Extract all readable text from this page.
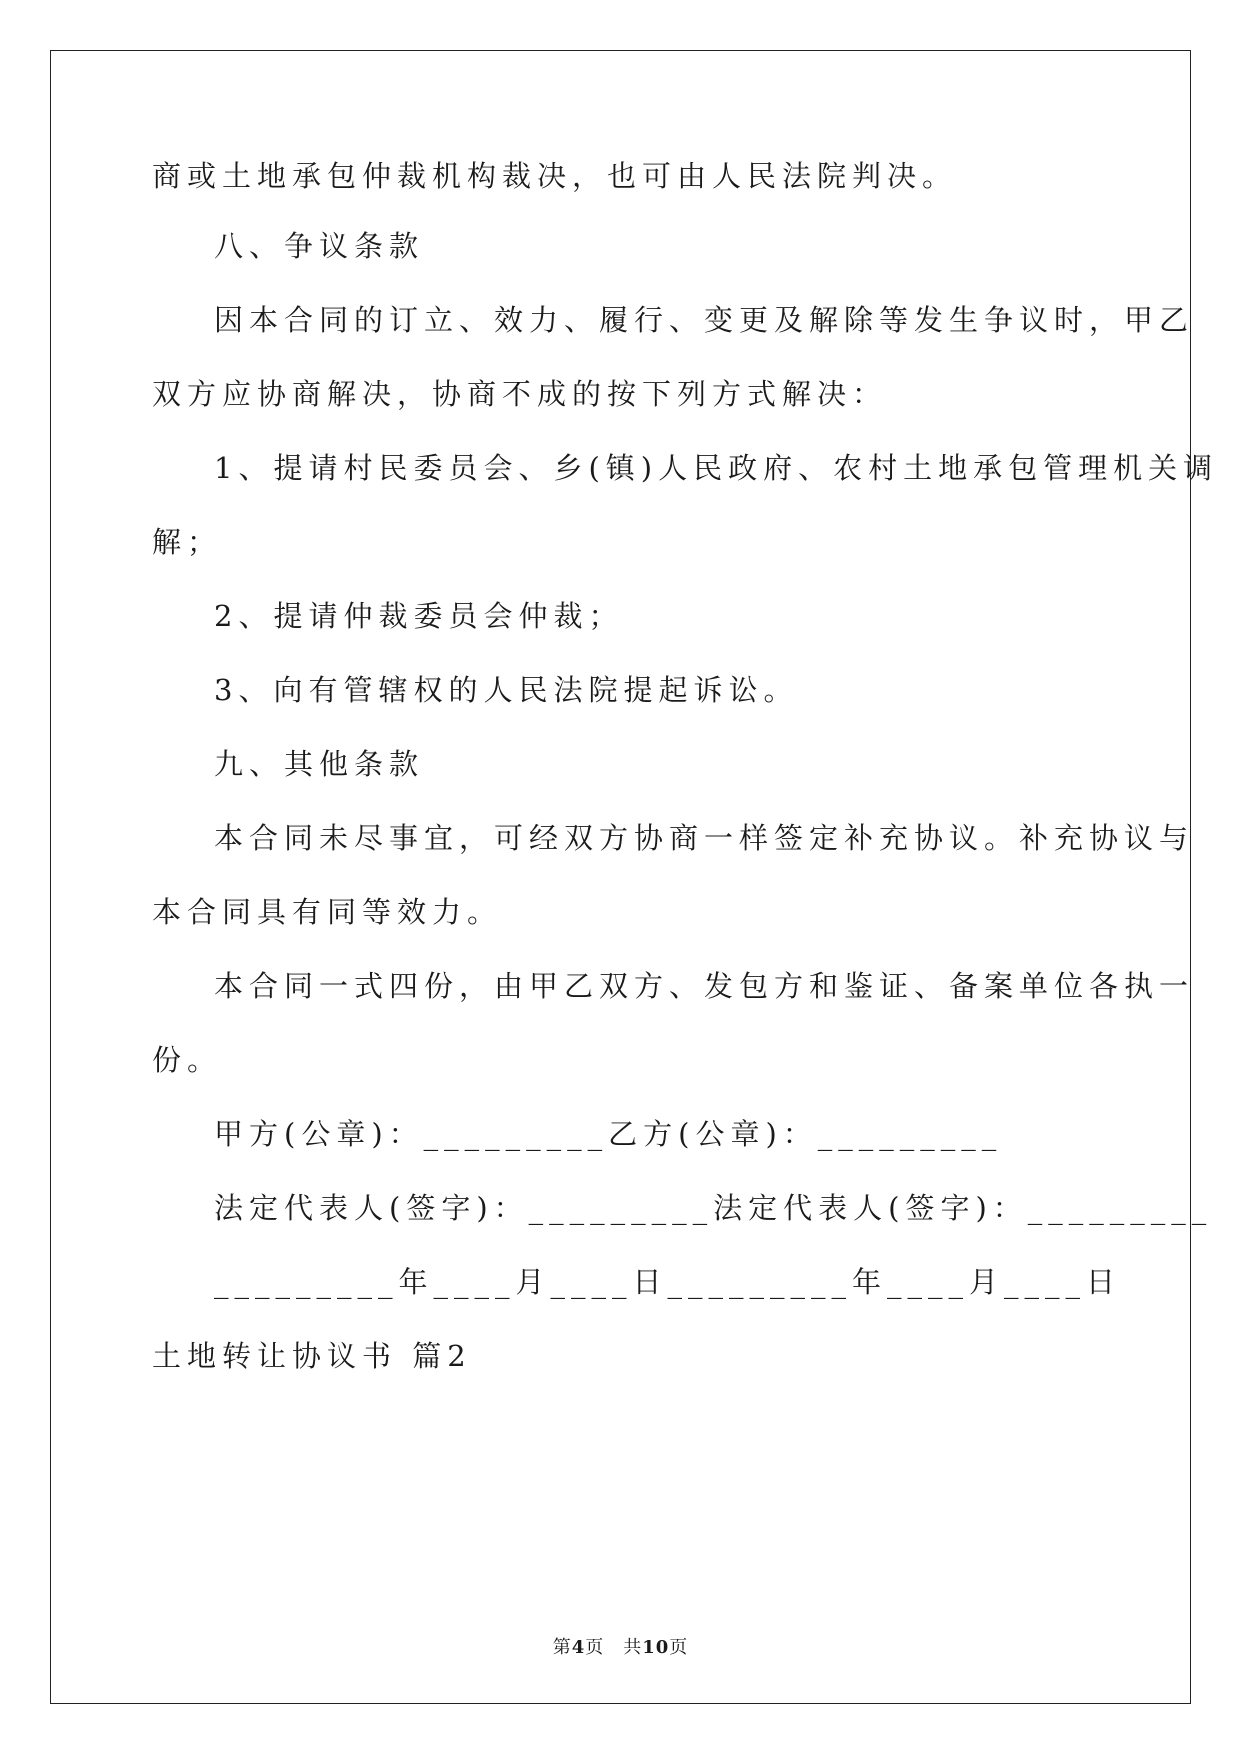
商或土地承包仲裁机构裁决，也可由人民法院判决。
八、争议条款
因本合同的订立、效力、履行、变更及解除等发生争议时，甲乙
双方应协商解决，协商不成的按下列方式解决：
1、提请村民委员会、乡(镇)人民政府、农村土地承包管理机关调
解；
2、提请仲裁委员会仲裁；
3、向有管辖权的人民法院提起诉讼。
九、其他条款
本合同未尽事宜，可经双方协商一样签定补充协议。补充协议与
本合同具有同等效力。
本合同一式四份，由甲乙双方、发包方和鉴证、备案单位各执一
份。
甲方(公章)：_________乙方(公章)：_________
法定代表人(签字)：_________法定代表人(签字)：_________
_________年____月____日_________年____月____日
土地转让协议书 篇2
第4页　共10页
